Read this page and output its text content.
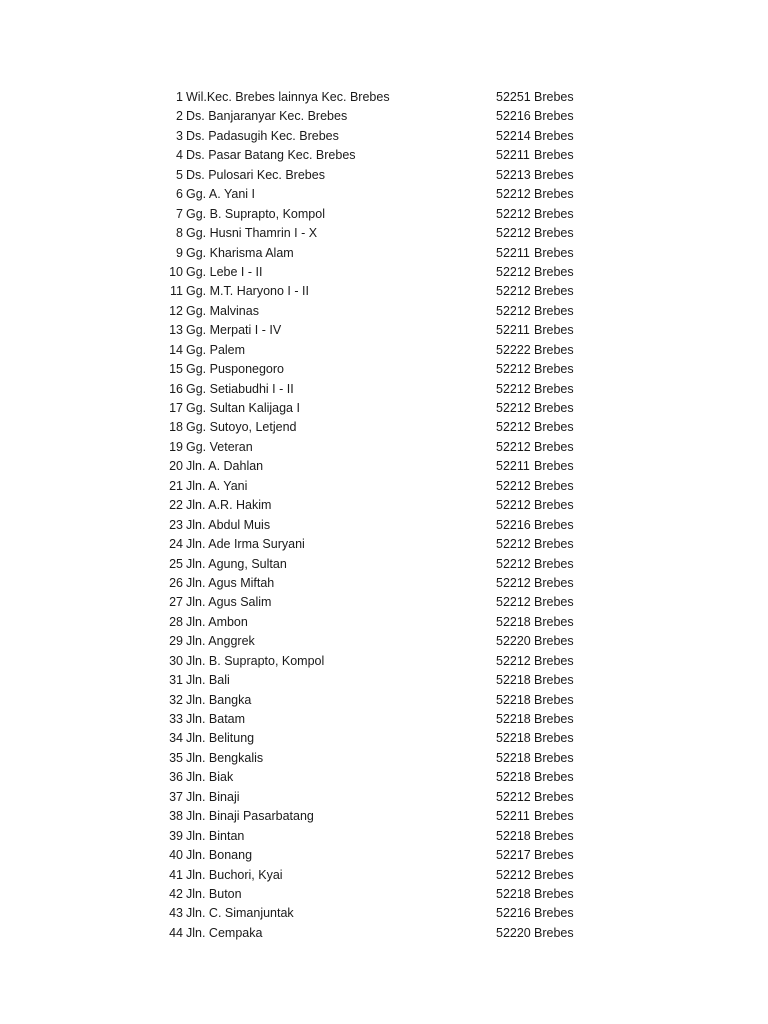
1 Wil.Kec. Brebes lainnya Kec. Brebes	52251 Brebes
2 Ds. Banjaranyar Kec. Brebes	52216 Brebes
3 Ds. Padasugih Kec. Brebes	52214 Brebes
4 Ds. Pasar Batang Kec. Brebes	52211 Brebes
5 Ds. Pulosari Kec. Brebes	52213 Brebes
6 Gg. A. Yani I	52212 Brebes
7 Gg. B. Suprapto, Kompol	52212 Brebes
8 Gg. Husni Thamrin I - X	52212 Brebes
9 Gg. Kharisma Alam	52211 Brebes
10 Gg. Lebe I - II	52212 Brebes
11 Gg. M.T. Haryono I - II	52212 Brebes
12 Gg. Malvinas	52212 Brebes
13 Gg. Merpati I - IV	52211 Brebes
14 Gg. Palem	52222 Brebes
15 Gg. Pusponegoro	52212 Brebes
16 Gg. Setiabudhi I - II	52212 Brebes
17 Gg. Sultan Kalijaga I	52212 Brebes
18 Gg. Sutoyo, Letjend	52212 Brebes
19 Gg. Veteran	52212 Brebes
20 Jln. A. Dahlan	52211 Brebes
21 Jln. A. Yani	52212 Brebes
22 Jln. A.R. Hakim	52212 Brebes
23 Jln. Abdul Muis	52216 Brebes
24 Jln. Ade Irma Suryani	52212 Brebes
25 Jln. Agung, Sultan	52212 Brebes
26 Jln. Agus Miftah	52212 Brebes
27 Jln. Agus Salim	52212 Brebes
28 Jln. Ambon	52218 Brebes
29 Jln. Anggrek	52220 Brebes
30 Jln. B. Suprapto, Kompol	52212 Brebes
31 Jln. Bali	52218 Brebes
32 Jln. Bangka	52218 Brebes
33 Jln. Batam	52218 Brebes
34 Jln. Belitung	52218 Brebes
35 Jln. Bengkalis	52218 Brebes
36 Jln. Biak	52218 Brebes
37 Jln. Binaji	52212 Brebes
38 Jln. Binaji Pasarbatang	52211 Brebes
39 Jln. Bintan	52218 Brebes
40 Jln. Bonang	52217 Brebes
41 Jln. Buchori, Kyai	52212 Brebes
42 Jln. Buton	52218 Brebes
43 Jln. C. Simanjuntak	52216 Brebes
44 Jln. Cempaka	52220 Brebes
